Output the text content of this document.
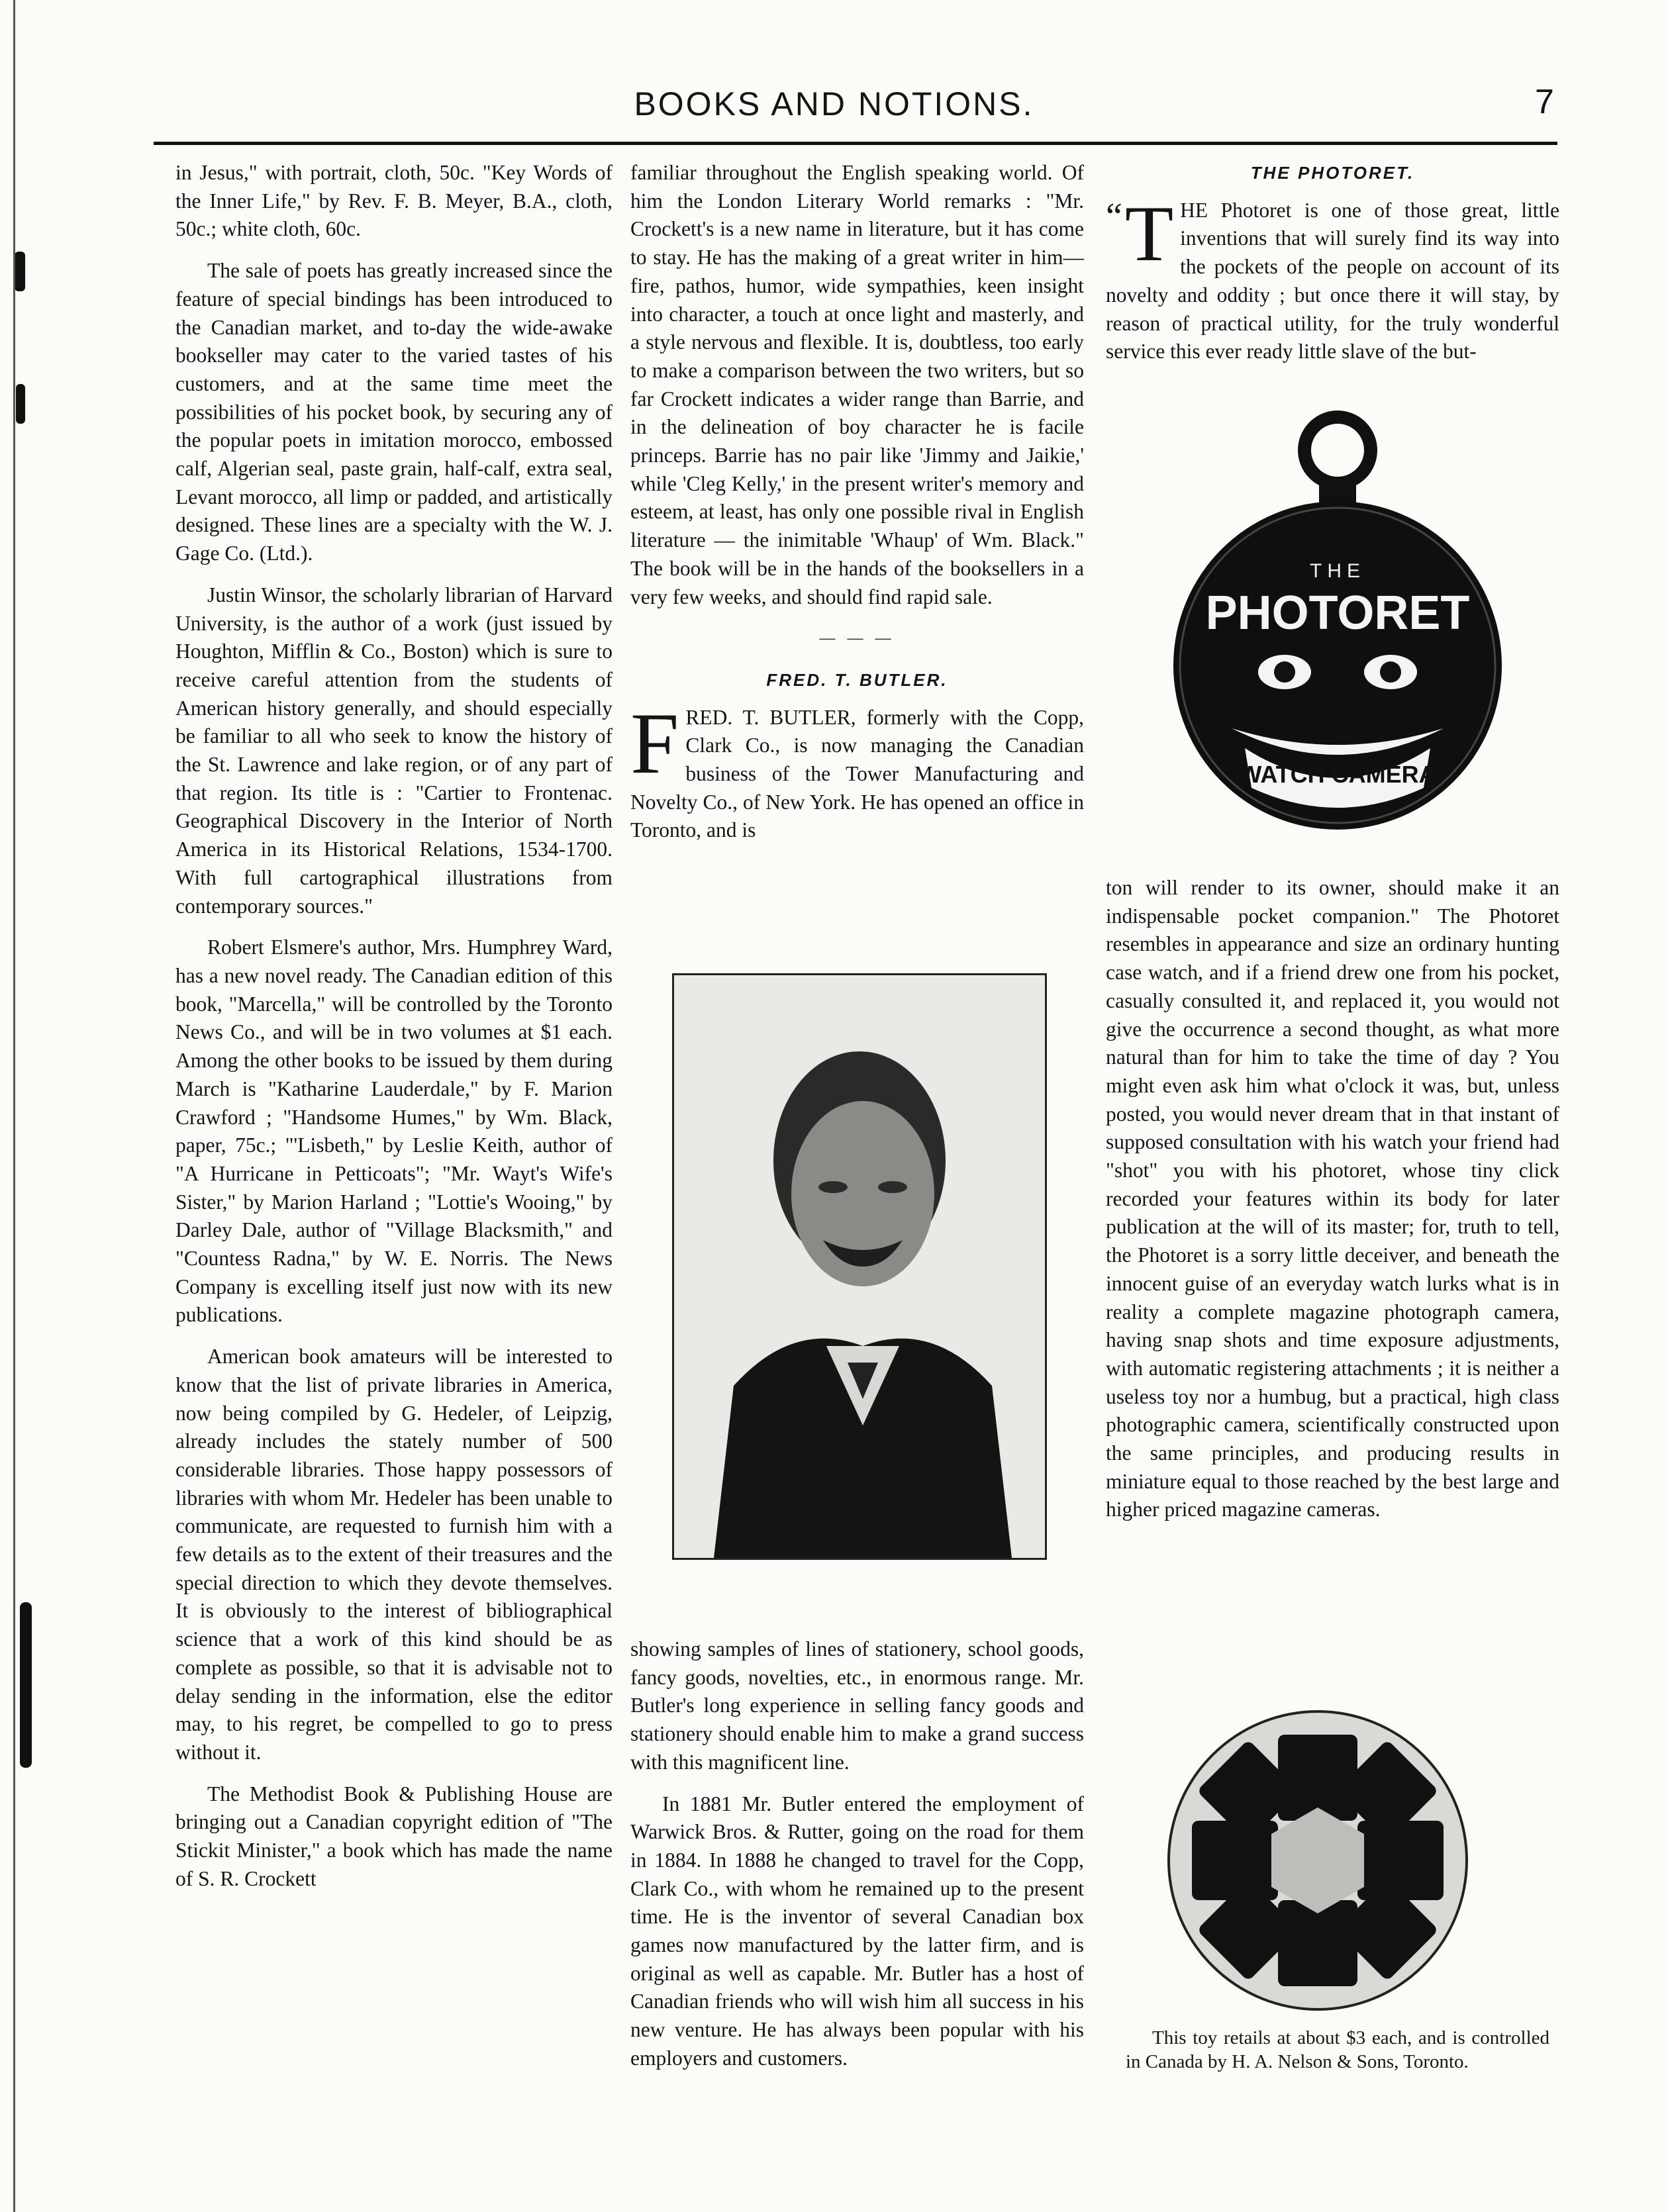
BOOKS AND NOTIONS.	7

in Jesus," with portrait, cloth, 50c. "Key Words of the Inner Life," by Rev. F. B. Meyer, B.A., cloth, 50c.; white cloth, 60c.

The sale of poets has greatly increased since the feature of special bindings has been introduced to the Canadian market, and to-day the wide-awake bookseller may cater to the varied tastes of his customers, and at the same time meet the possibilities of his pocket book, by securing any of the popular poets in imitation morocco, embossed calf, Algerian seal, paste grain, half-calf, extra seal, Levant morocco, all limp or padded, and artistically designed. These lines are a specialty with the W. J. Gage Co. (Ltd.).

Justin Winsor, the scholarly librarian of Harvard University, is the author of a work (just issued by Houghton, Mifflin & Co., Boston) which is sure to receive careful attention from the students of American history generally, and should especially be familiar to all who seek to know the history of the St. Lawrence and lake region, or of any part of that region. Its title is : "Cartier to Frontenac. Geographical Discovery in the Interior of North America in its Historical Relations, 1534-1700. With full cartographical illustrations from contemporary sources."

Robert Elsmere's author, Mrs. Humphrey Ward, has a new novel ready. The Canadian edition of this book, "Marcella," will be controlled by the Toronto News Co., and will be in two volumes at $1 each. Among the other books to be issued by them during March is "Katharine Lauderdale," by F. Marion Crawford ; "Handsome Humes," by Wm. Black, paper, 75c.; "'Lisbeth," by Leslie Keith, author of "A Hurricane in Petticoats"; "Mr. Wayt's Wife's Sister," by Marion Harland ; "Lottie's Wooing," by Darley Dale, author of "Village Blacksmith," and "Countess Radna," by W. E. Norris. The News Company is excelling itself just now with its new publications.

American book amateurs will be interested to know that the list of private libraries in America, now being compiled by G. Hedeler, of Leipzig, already includes the stately number of 500 considerable libraries. Those happy possessors of libraries with whom Mr. Hedeler has been unable to communicate, are requested to furnish him with a few details as to the extent of their treasures and the special direction to which they devote themselves. It is obviously to the interest of bibliographical science that a work of this kind should be as complete as possible, so that it is advisable not to delay sending in the information, else the editor may, to his regret, be compelled to go to press without it.

The Methodist Book & Publishing House are bringing out a Canadian copyright edition of "The Stickit Minister," a book which has made the name of S. R. Crockett

familiar throughout the English speaking world. Of him the London Literary World remarks : "Mr. Crockett's is a new name in literature, but it has come to stay. He has the making of a great writer in him—fire, pathos, humor, wide sympathies, keen insight into character, a touch at once light and masterly, and a style nervous and flexible. It is, doubtless, too early to make a comparison between the two writers, but so far Crockett indicates a wider range than Barrie, and in the delineation of boy character he is facile princeps. Barrie has no pair like 'Jimmy and Jaikie,' while 'Cleg Kelly,' in the present writer's memory and esteem, at least, has only one possible rival in English literature — the inimitable 'Whaup' of Wm. Black." The book will be in the hands of the booksellers in a very few weeks, and should find rapid sale.

— — —
FRED. T. BUTLER.

F RED. T. BUTLER, formerly with the Copp, Clark Co., is now managing the Canadian business of the Tower Manufacturing and Novelty Co., of New York. He has opened an office in Toronto, and is

showing samples of lines of stationery, school goods, fancy goods, novelties, etc., in enormous range. Mr. Butler's long experience in selling fancy goods and stationery should enable him to make a grand success with this magnificent line.

In 1881 Mr. Butler entered the employment of Warwick Bros. & Rutter, going on the road for them in 1884. In 1888 he changed to travel for the Copp, Clark Co., with whom he remained up to the present time. He is the inventor of several Canadian box games now manufactured by the latter firm, and is original as well as capable. Mr. Butler has a host of Canadian friends who will wish him all success in his new venture. He has always been popular with his employers and customers.

THE PHOTORET.

“ T HE Photoret is one of those great, little inventions that will surely find its way into the pockets of the people on account of its novelty and oddity ; but once there it will stay, by reason of practical utility, for the truly wonderful service this ever ready little slave of the but-

THE
PHOTORET
WATCH CAMERA

ton will render to its owner, should make it an indispensable pocket companion." The Photoret resembles in appearance and size an ordinary hunting case watch, and if a friend drew one from his pocket, casually consulted it, and replaced it, you would not give the occurrence a second thought, as what more natural than for him to take the time of day ? You might even ask him what o'clock it was, but, unless posted, you would never dream that in that instant of supposed consultation with his watch your friend had "shot" you with his photoret, whose tiny click recorded your features within its body for later publication at the will of its master; for, truth to tell, the Photoret is a sorry little deceiver, and beneath the innocent guise of an everyday watch lurks what is in reality a complete magazine photograph camera, having snap shots and time exposure adjustments, with automatic registering attachments ; it is neither a useless toy nor a humbug, but a practical, high class photographic camera, scientifically constructed upon the same principles, and producing results in miniature equal to those reached by the best large and higher priced magazine cameras.

This toy retails at about $3 each, and is controlled in Canada by H. A. Nelson & Sons, Toronto.
